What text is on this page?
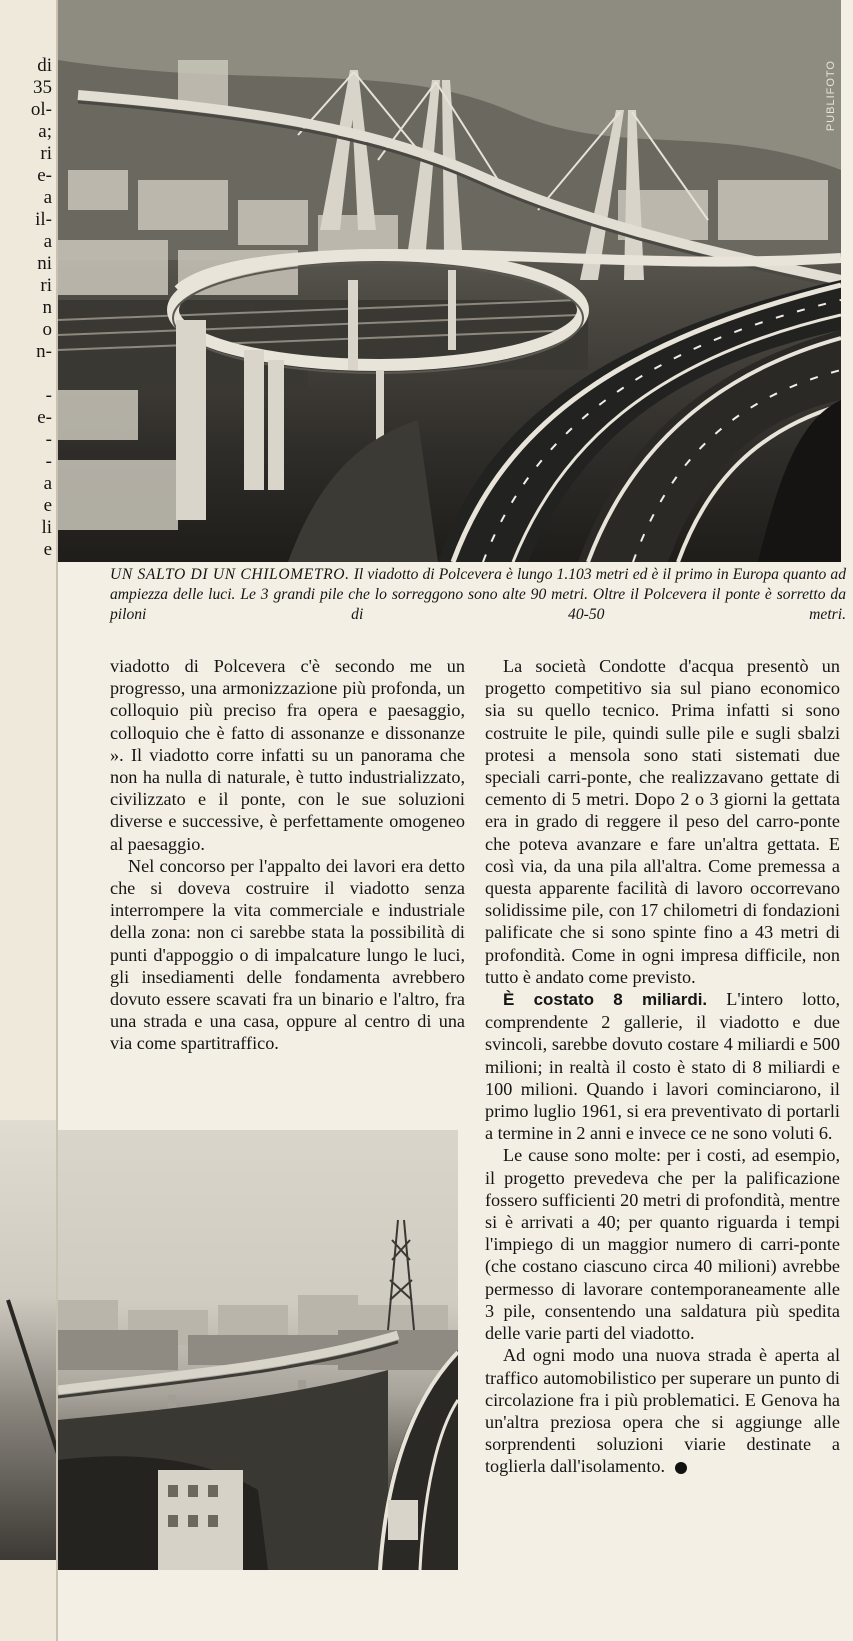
di
35
ol-
a;
ri
e-
a
il-
a
ni
ri
n
o
n-
-
e-
-
-
a
e
li
e
PUBLIFOTO
UN SALTO DI UN CHILOMETRO. Il viadotto di Polcevera è lungo 1.103 metri ed è il primo in Europa quanto ad ampiezza delle luci. Le 3 grandi pile che lo sorreggono sono alte 90 metri. Oltre il Polcevera il ponte è sorretto da piloni di 40-50 metri.

viadotto di Polcevera c'è secondo me un progresso, una armonizzazione più profonda, un colloquio più preciso fra opera e paesaggio, colloquio che è fatto di assonanze e dissonanze ». Il viadotto corre infatti su un panorama che non ha nulla di naturale, è tutto industrializzato, civilizzato e il ponte, con le sue soluzioni diverse e successive, è perfettamente omogeneo al paesaggio.

Nel concorso per l'appalto dei lavori era detto che si doveva costruire il viadotto senza interrompere la vita commerciale e industriale della zona: non ci sarebbe stata la possibilità di punti d'appoggio o di impalcature lungo le luci, gli insediamenti delle fondamenta avrebbero dovuto essere scavati fra un binario e l'altro, fra una strada e una casa, oppure al centro di una via come spartitraffico.

La società Condotte d'acqua presentò un progetto competitivo sia sul piano economico sia su quello tecnico. Prima infatti si sono costruite le pile, quindi sulle pile e sugli sbalzi protesi a mensola sono stati sistemati due speciali carri-ponte, che realizzavano gettate di cemento di 5 metri. Dopo 2 o 3 giorni la gettata era in grado di reggere il peso del carro-ponte che poteva avanzare e fare un'altra gettata. E così via, da una pila all'altra. Come premessa a questa apparente facilità di lavoro occorrevano solidissime pile, con 17 chilometri di fondazioni palificate che si sono spinte fino a 43 metri di profondità. Come in ogni impresa difficile, non tutto è andato come previsto.

È costato 8 miliardi. L'intero lotto, comprendente 2 gallerie, il viadotto e due svincoli, sarebbe dovuto costare 4 miliardi e 500 milioni; in realtà il costo è stato di 8 miliardi e 100 milioni. Quando i lavori cominciarono, il primo luglio 1961, si era preventivato di portarli a termine in 2 anni e invece ce ne sono voluti 6.

Le cause sono molte: per i costi, ad esempio, il progetto prevedeva che per la palificazione fossero sufficienti 20 metri di profondità, mentre si è arrivati a 40; per quanto riguarda i tempi l'impiego di un maggior numero di carri-ponte (che costano ciascuno circa 40 milioni) avrebbe permesso di lavorare contemporaneamente alle 3 pile, consentendo una saldatura più spedita delle varie parti del viadotto.

Ad ogni modo una nuova strada è aperta al traffico automobilistico per superare un punto di circolazione fra i più problematici. E Genova ha un'altra preziosa opera che si aggiunge alle sorprendenti soluzioni viarie destinate a toglierla dall'isolamento.
